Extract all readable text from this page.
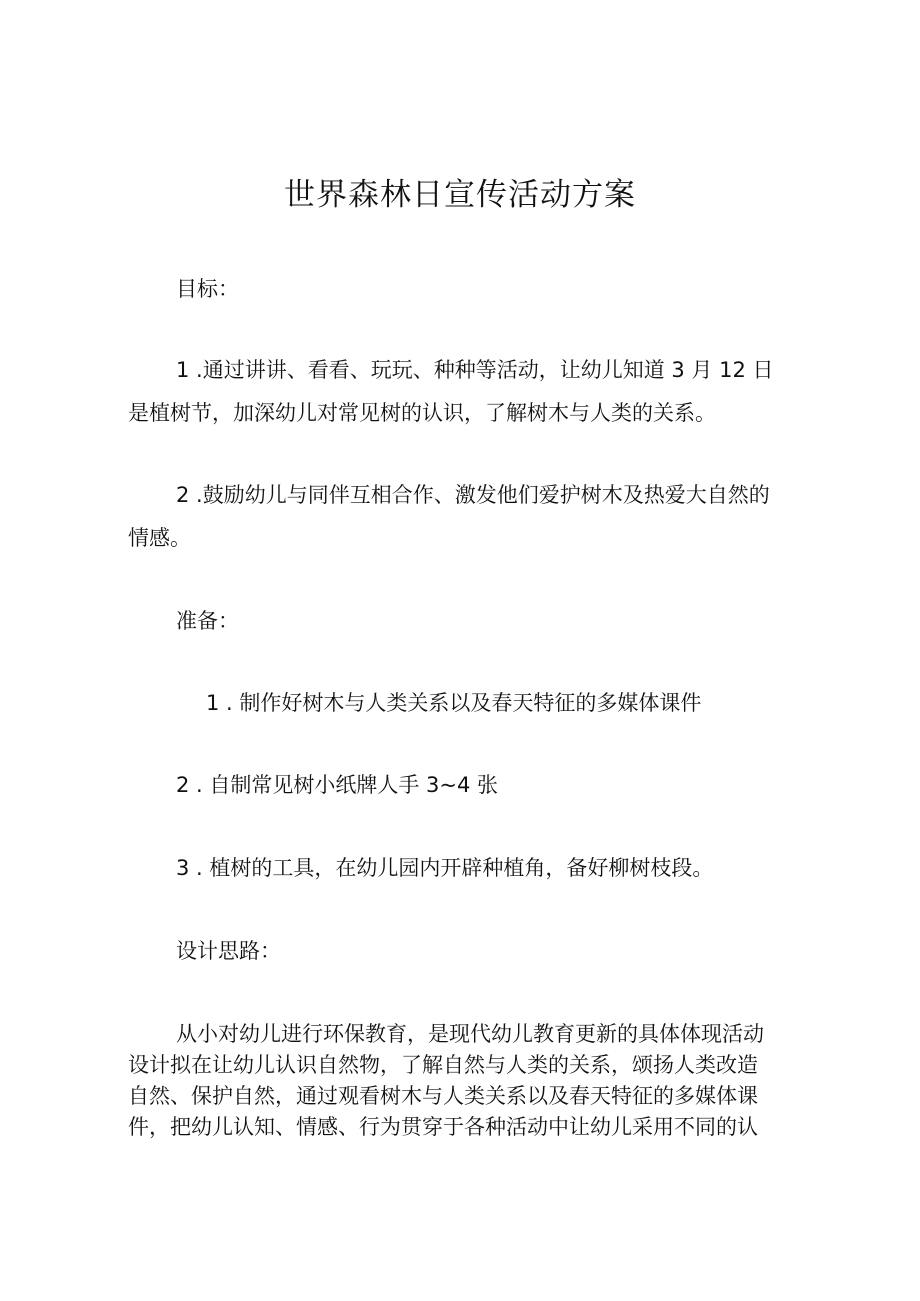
世界森林日宣传活动方案
目标：
1 .通过讲讲、看看、玩玩、种种等活动，让幼儿知道 3 月 12 日
是植树节，加深幼儿对常见树的认识，了解树木与人类的关系。
2 .鼓励幼儿与同伴互相合作、激发他们爱护树木及热爱大自然的
情感。
准备：
1 . 制作好树木与人类关系以及春天特征的多媒体课件
2 . 自制常见树小纸牌人手 3~4 张
3 . 植树的工具，在幼儿园内开辟种植角，备好柳树枝段。
设计思路：
从小对幼儿进行环保教育，是现代幼儿教育更新的具体体现活动
设计拟在让幼儿认识自然物，了解自然与人类的关系，颂扬人类改造
自然、保护自然，通过观看树木与人类关系以及春天特征的多媒体课
件，把幼儿认知、情感、行为贯穿于各种活动中让幼儿采用不同的认
